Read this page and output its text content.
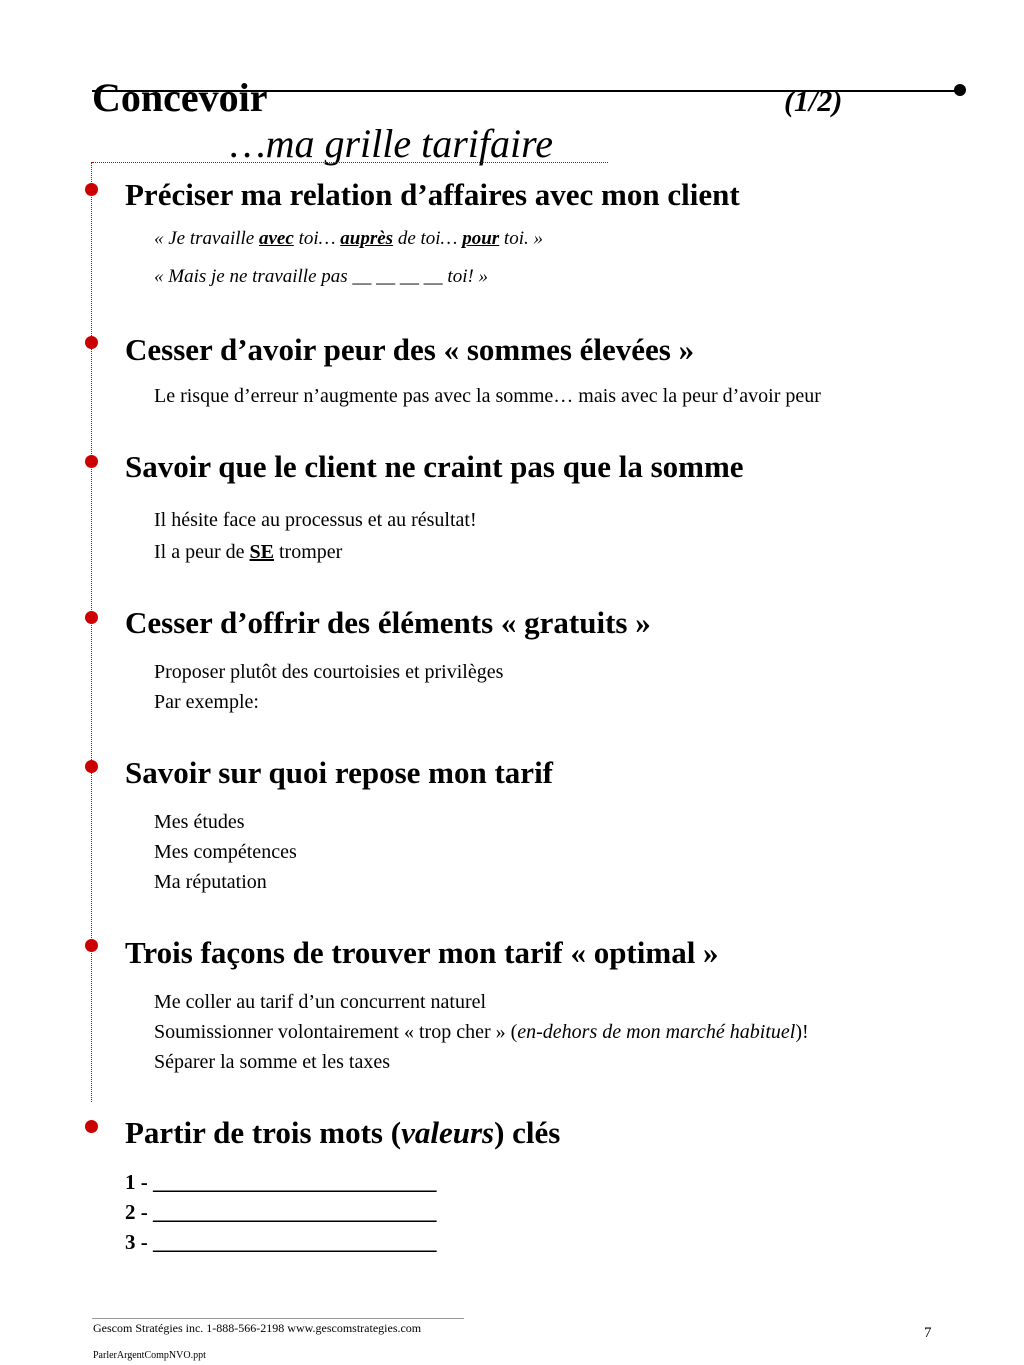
Concevoir	(1/2)
…ma grille tarifaire
Préciser ma relation d’affaires avec mon client
« Je travaille avec toi… auprès de toi… pour toi. »
« Mais je ne travaille pas __ __ __ __ toi! »
Cesser d’avoir peur des « sommes élevées »
Le risque d’erreur n’augmente pas avec la somme… mais avec la peur d’avoir peur
Savoir que le client ne craint pas que la somme
Il hésite face au processus et au résultat!
Il a peur de SE tromper
Cesser d’offrir des éléments « gratuits »
Proposer plutôt des courtoisies et privilèges
Par exemple:
Savoir sur quoi repose mon tarif
Mes études
Mes compétences
Ma réputation
Trois façons de trouver mon tarif « optimal »
Me coller au tarif d’un concurrent naturel
Soumissionner volontairement « trop cher » (en-dehors de mon marché habituel)!
Séparer la somme et les taxes
Partir de trois mots (valeurs) clés
1 - ___________________________
2 - ___________________________
3 - ___________________________
Gescom Stratégies inc. 1-888-566-2198 www.gescomstrategies.com	7
ParlerArgentCompNVO.ppt
